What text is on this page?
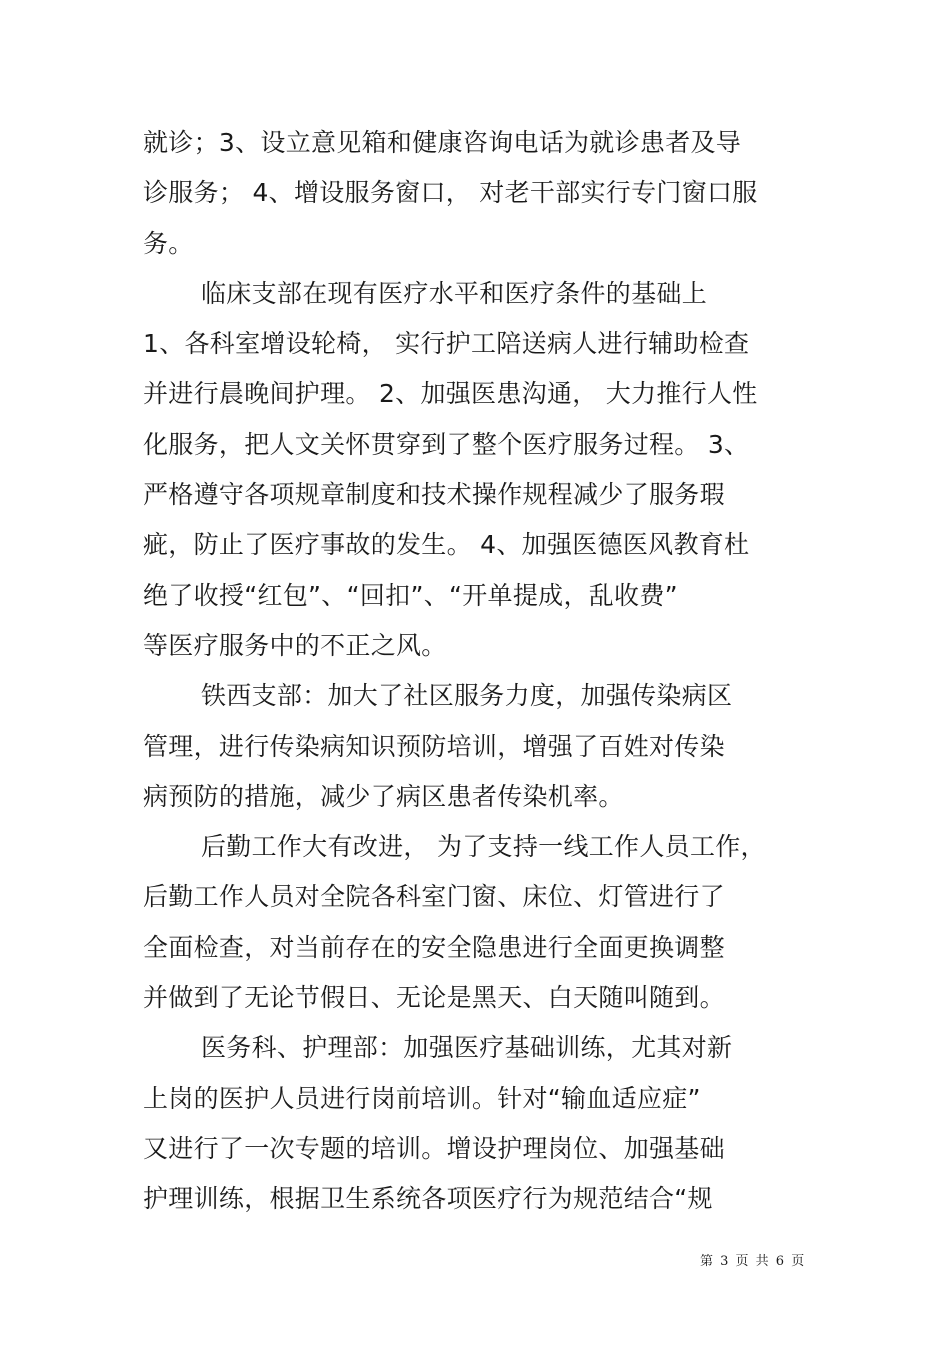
就诊；3、设立意见箱和健康咨询电话为就诊患者及导
诊服务； 4、增设服务窗口， 对老干部实行专门窗口服
务。
临床支部在现有医疗水平和医疗条件的基础上
1、各科室增设轮椅， 实行护工陪送病人进行辅助检查
并进行晨晚间护理。 2、加强医患沟通， 大力推行人性
化服务，把人文关怀贯穿到了整个医疗服务过程。 3、
严格遵守各项规章制度和技术操作规程减少了服务瑕
疵，防止了医疗事故的发生。 4、加强医德医风教育杜
绝了收授“红包”、“回扣”、“开单提成，乱收费”
等医疗服务中的不正之风。
铁西支部：加大了社区服务力度，加强传染病区
管理，进行传染病知识预防培训，增强了百姓对传染
病预防的措施，减少了病区患者传染机率。
后勤工作大有改进， 为了支持一线工作人员工作，
后勤工作人员对全院各科室门窗、床位、灯管进行了
全面检查，对当前存在的安全隐患进行全面更换调整
并做到了无论节假日、无论是黑天、白天随叫随到。
医务科、护理部：加强医疗基础训练，尤其对新
上岗的医护人员进行岗前培训。针对“输血适应症”
又进行了一次专题的培训。增设护理岗位、加强基础
护理训练，根据卫生系统各项医疗行为规范结合“规
第 3 页 共 6 页
